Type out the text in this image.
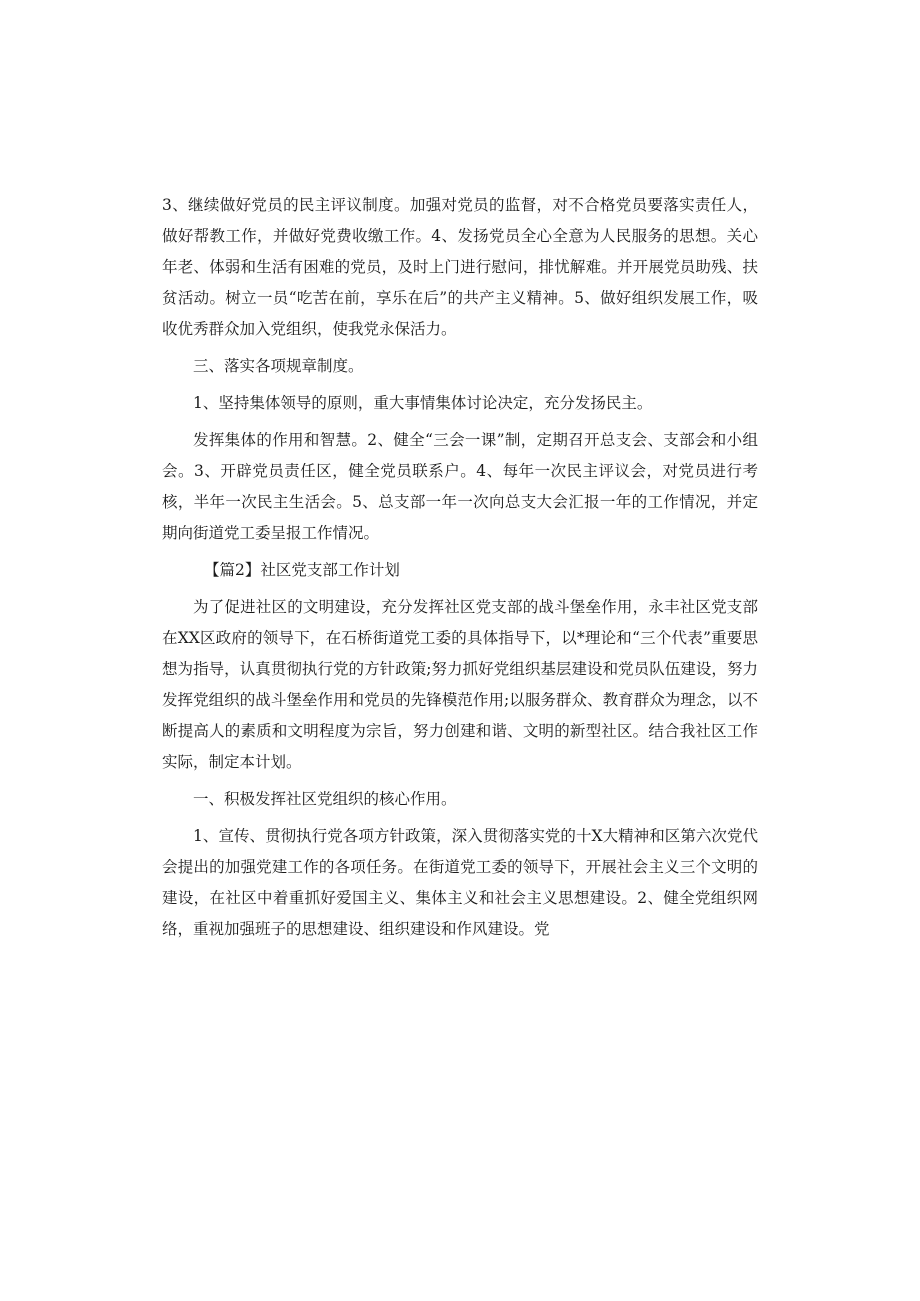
3、继续做好党员的民主评议制度。加强对党员的监督，对不合格党员要落实责任人，做好帮教工作，并做好党费收缴工作。4、发扬党员全心全意为人民服务的思想。关心年老、体弱和生活有困难的党员，及时上门进行慰问，排忧解难。并开展党员助残、扶贫活动。树立一员“吃苦在前，享乐在后”的共产主义精神。5、做好组织发展工作，吸收优秀群众加入党组织，使我党永保活力。

三、落实各项规章制度。

1、坚持集体领导的原则，重大事情集体讨论决定，充分发扬民主。

发挥集体的作用和智慧。2、健全“三会一课”制，定期召开总支会、支部会和小组会。3、开辟党员责任区，健全党员联系户。4、每年一次民主评议会，对党员进行考核，半年一次民主生活会。5、总支部一年一次向总支大会汇报一年的工作情况，并定期向街道党工委呈报工作情况。

【篇2】社区党支部工作计划

为了促进社区的文明建设，充分发挥社区党支部的战斗堡垒作用，永丰社区党支部在XX区政府的领导下，在石桥街道党工委的具体指导下，以*理论和“三个代表”重要思想为指导，认真贯彻执行党的方针政策;努力抓好党组织基层建设和党员队伍建设，努力发挥党组织的战斗堡垒作用和党员的先锋模范作用;以服务群众、教育群众为理念，以不断提高人的素质和文明程度为宗旨，努力创建和谐、文明的新型社区。结合我社区工作实际，制定本计划。

一、积极发挥社区党组织的核心作用。

1、宣传、贯彻执行党各项方针政策，深入贯彻落实党的十X大精神和区第六次党代会提出的加强党建工作的各项任务。在街道党工委的领导下，开展社会主义三个文明的建设，在社区中着重抓好爱国主义、集体主义和社会主义思想建设。2、健全党组织网络，重视加强班子的思想建设、组织建设和作风建设。党
